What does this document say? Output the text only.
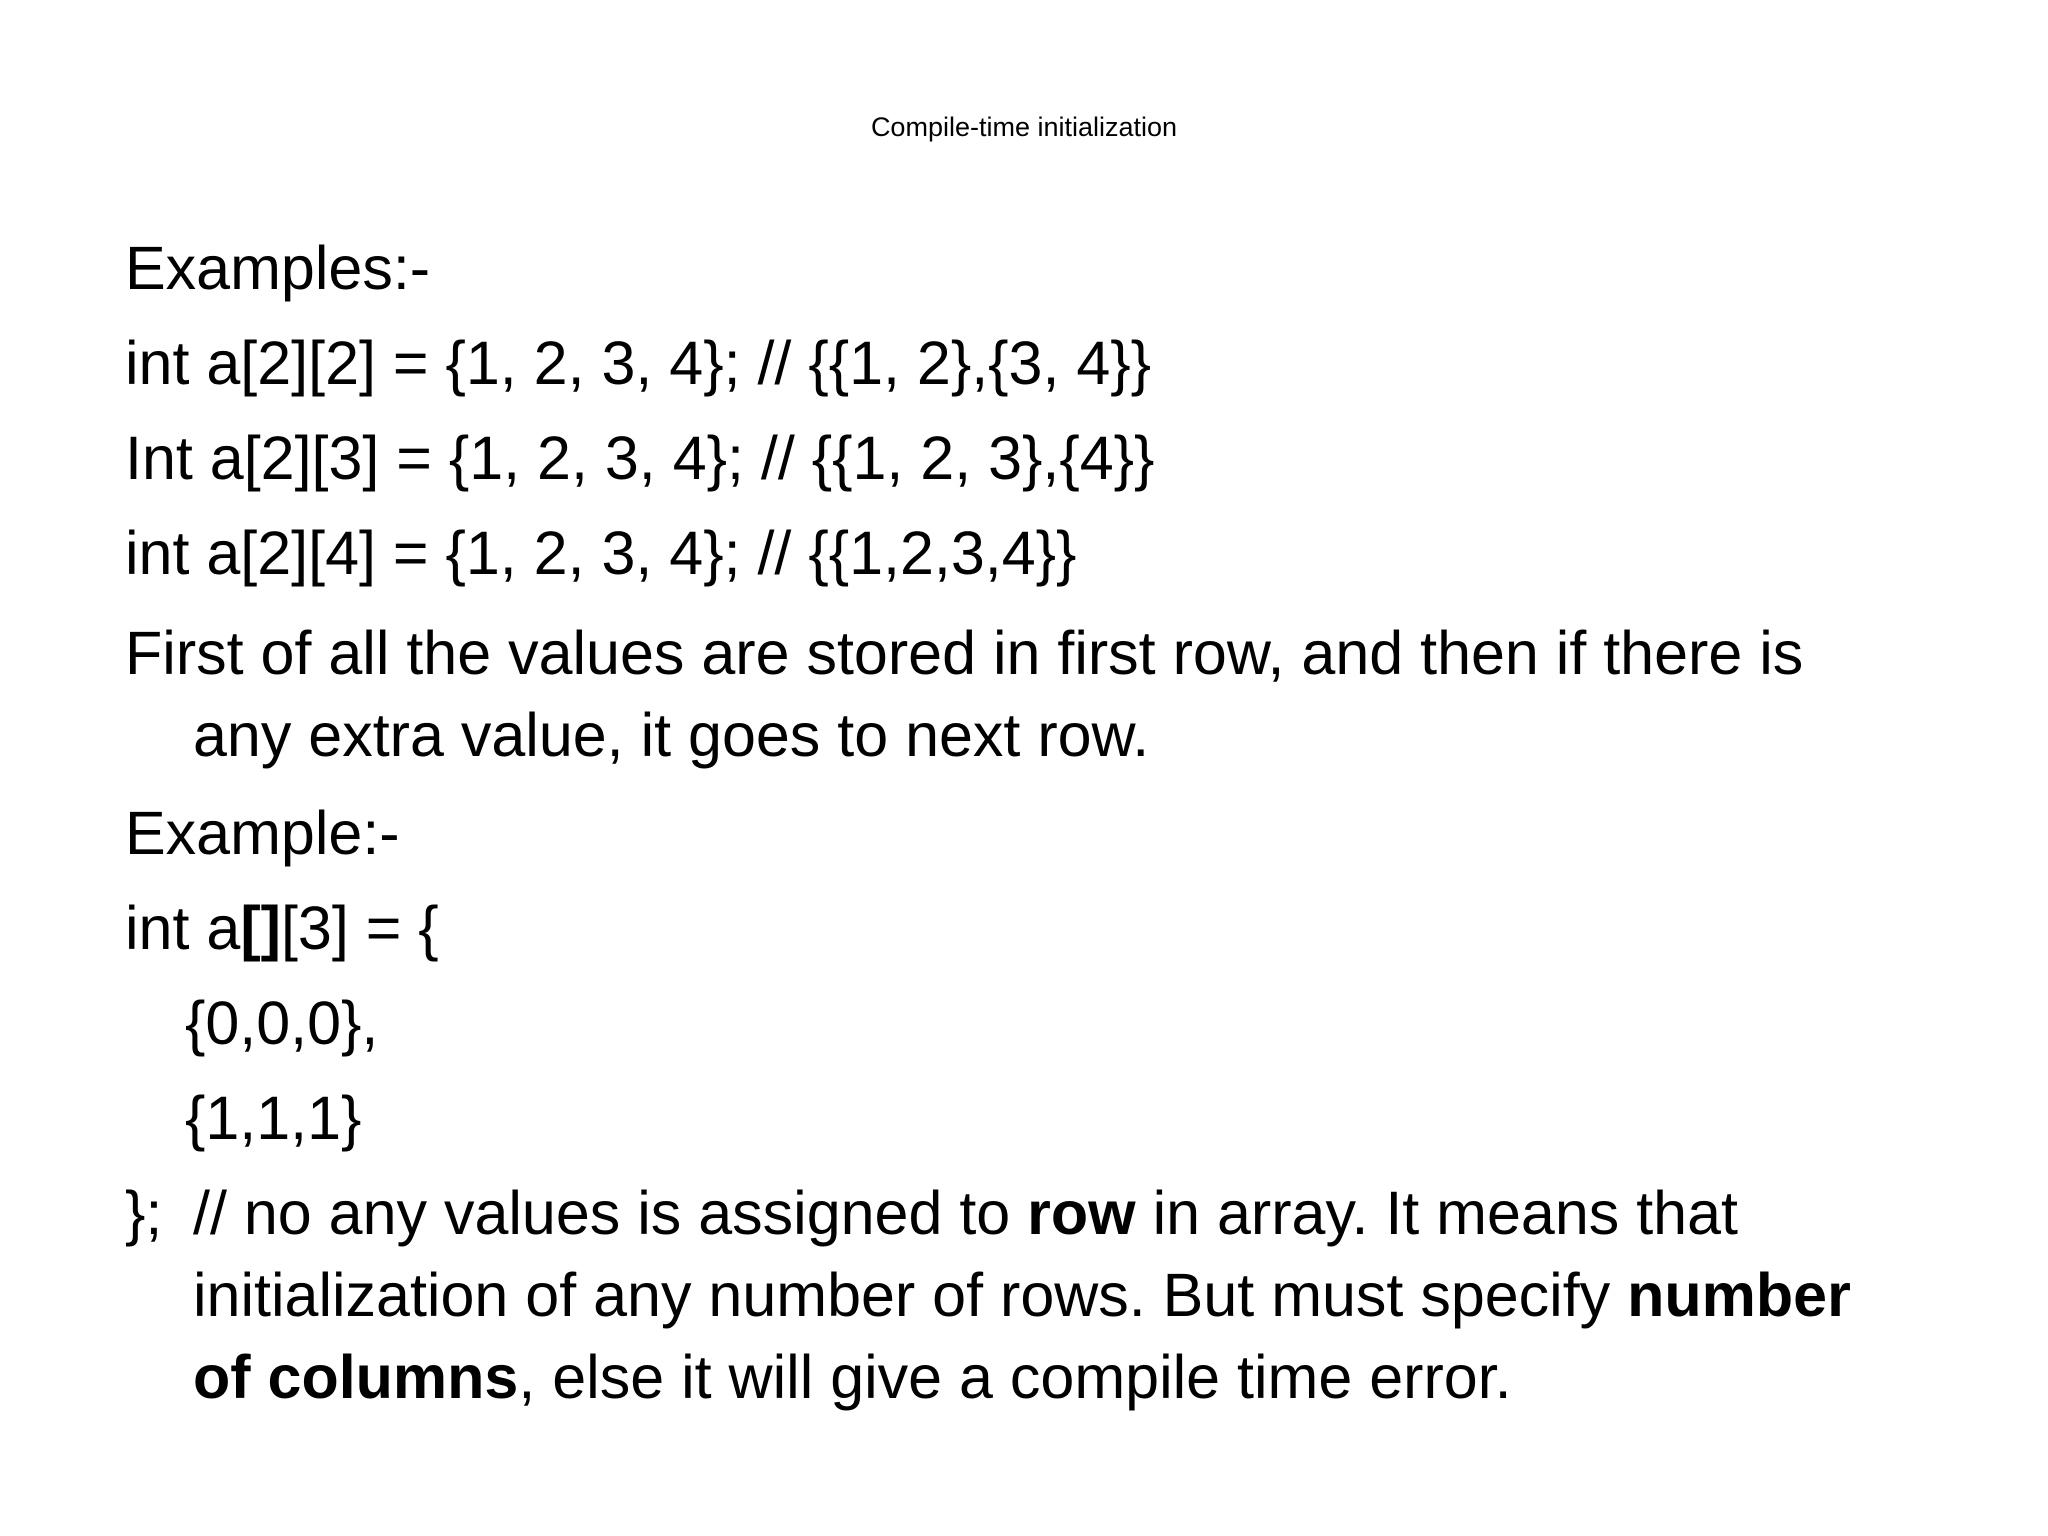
Compile-time initialization
Examples:-
int a[2][2] = {1, 2, 3, 4}; // {{1, 2},{3, 4}}
Int a[2][3] = {1, 2, 3, 4}; // {{1, 2, 3},{4}}
int a[2][4] = {1, 2, 3, 4}; // {{1,2,3,4}}
First of all the values are stored in first row, and then if there is
any extra value, it goes to next row.
Example:-
int a[][3] = {
{0,0,0},
{1,1,1}
}; // no any values is assigned to row in array. It means that
initialization of any number of rows. But must specify number
of columns, else it will give a compile time error.
